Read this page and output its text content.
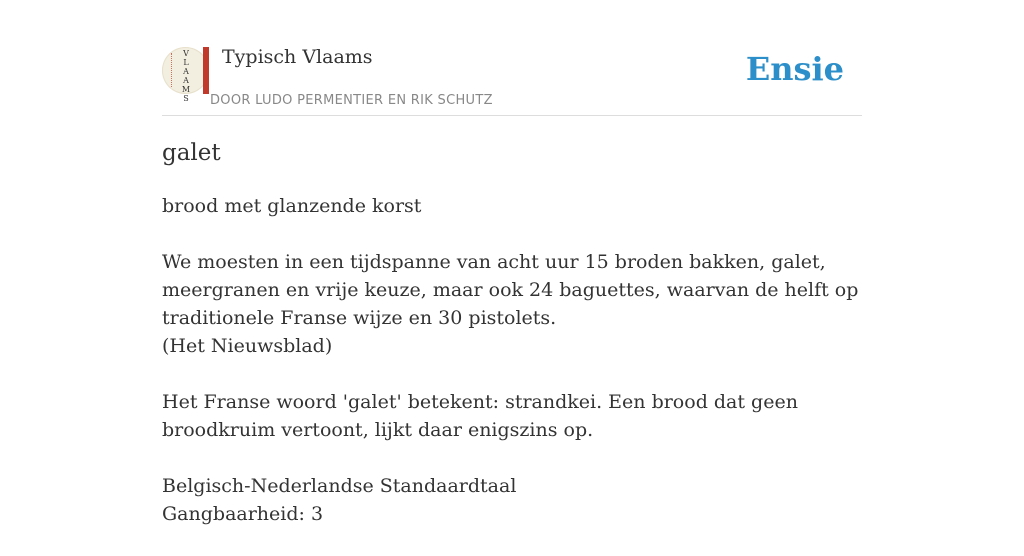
V
L
A
A
M
S
Typisch Vlaams
DOOR LUDO PERMENTIER EN RIK SCHUTZ
Ensie
galet

brood met glanzende korst

We moesten in een tijdspanne van acht uur 15 broden bakken, galet, meergranen en vrije keuze, maar ook 24 baguettes, waarvan de helft op traditionele Franse wijze en 30 pistolets.
(Het Nieuwsblad)

Het Franse woord 'galet' betekent: strandkei. Een brood dat geen broodkruim vertoont, lijkt daar enigszins op.

Belgisch-Nederlandse Standaardtaal
Gangbaarheid: 3
